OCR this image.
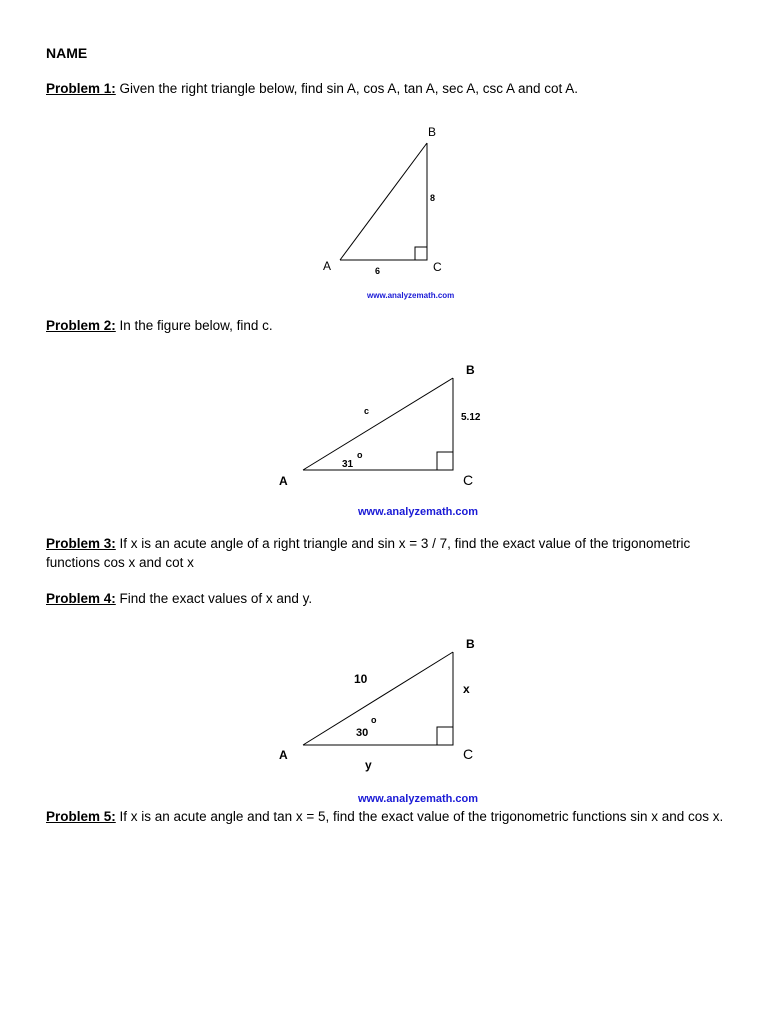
NAME
Problem 1: Given the right triangle below, find sin A, cos A, tan A, sec A, csc A and cot A.
B
A	C
8
6
www.analyzemath.com
Problem 2: In the figure below, find c.
B
A	C
c
5.12
31
o
www.analyzemath.com
Problem 3: If x is an acute angle of a right triangle and sin x = 3 / 7, find the exact value of the trigonometric functions cos x and cot x
Problem 4: Find the exact values of x and y.
B
A	C
10
x
y
30
o
www.analyzemath.com
Problem 5: If x is an acute angle and tan x = 5, find the exact value of the trigonometric functions sin x and cos x.
